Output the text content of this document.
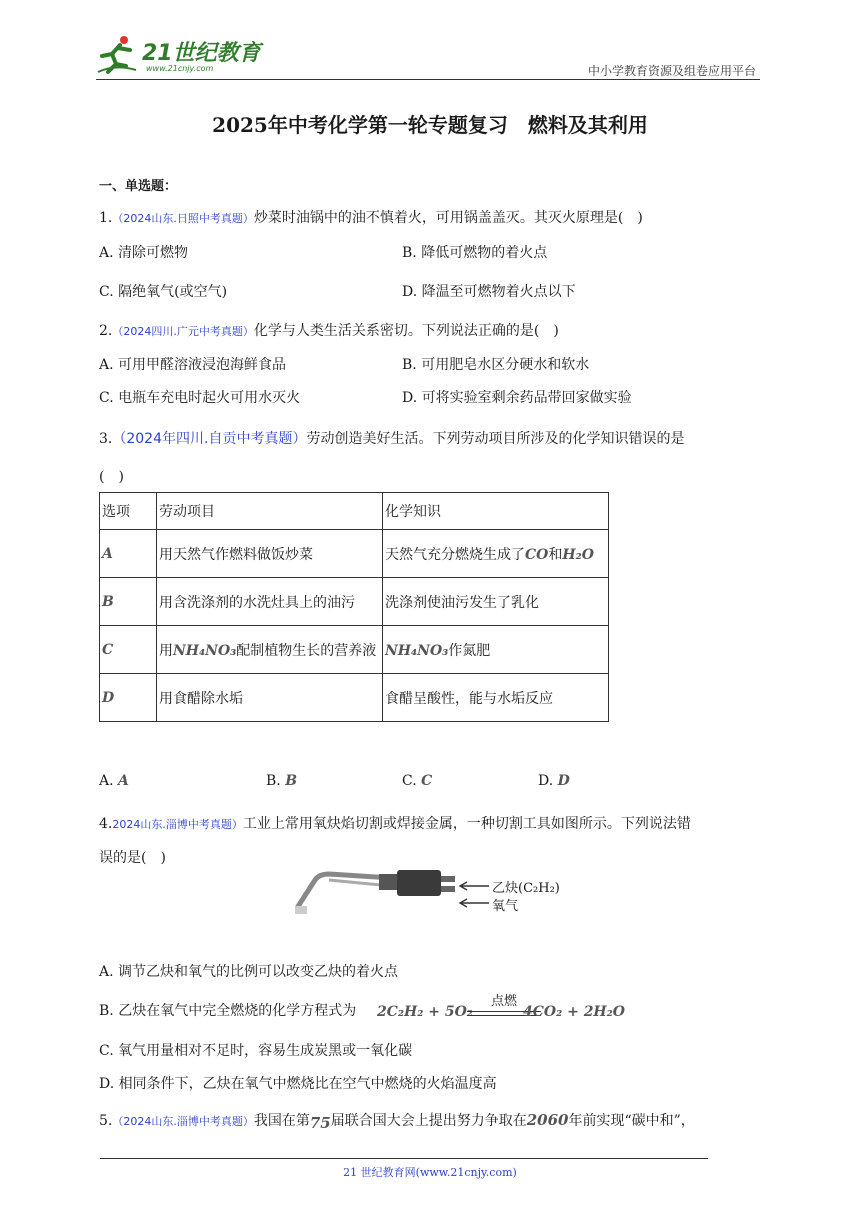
21世纪教育
www.21cnjy.com	中小学教育资源及组卷应用平台
2025年中考化学第一轮专题复习　燃料及其利用
一、单选题：
1.（2024山东.日照中考真题）炒菜时油锅中的油不慎着火，可用锅盖盖灭。其灭火原理是(　)
A. 清除可燃物	B. 降低可燃物的着火点
C. 隔绝氧气(或空气)	D. 降温至可燃物着火点以下
2.（2024四川.广元中考真题）化学与人类生活关系密切。下列说法正确的是(　)
A. 可用甲醛溶液浸泡海鲜食品	B. 可用肥皂水区分硬水和软水
C. 电瓶车充电时起火可用水灭火	D. 可将实验室剩余药品带回家做实验
3.（2024年四川.自贡中考真题）劳动创造美好生活。下列劳动项目所涉及的化学知识错误的是
(　)
选项	劳动项目	化学知识
A	用天然气作燃料做饭炒菜	天然气充分燃烧生成了CO和H₂O
B	用含洗涤剂的水洗灶具上的油污	洗涤剂使油污发生了乳化
C	用NH₄NO₃配制植物生长的营养液	NH₄NO₃作氮肥
D	用食醋除水垢	食醋呈酸性，能与水垢反应
A. A	B. B	C. C	D. D
4.2024山东.淄博中考真题）工业上常用氧炔焰切割或焊接金属，一种切割工具如图所示。下列说法错
误的是(　)
乙炔(C₂H₂)
氧气
A. 调节乙炔和氧气的比例可以改变乙炔的着火点
B. 乙炔在氧气中完全燃烧的化学方程式为 2C₂H₂ + 5O₂
点燃
4CO₂ + 2H₂O
C. 氧气用量相对不足时，容易生成炭黑或一氧化碳
D. 相同条件下，乙炔在氧气中燃烧比在空气中燃烧的火焰温度高
5.（2024山东.淄博中考真题）我国在第75届联合国大会上提出努力争取在2060年前实现“碳中和”，
21 世纪教育网(www.21cnjy.com)
